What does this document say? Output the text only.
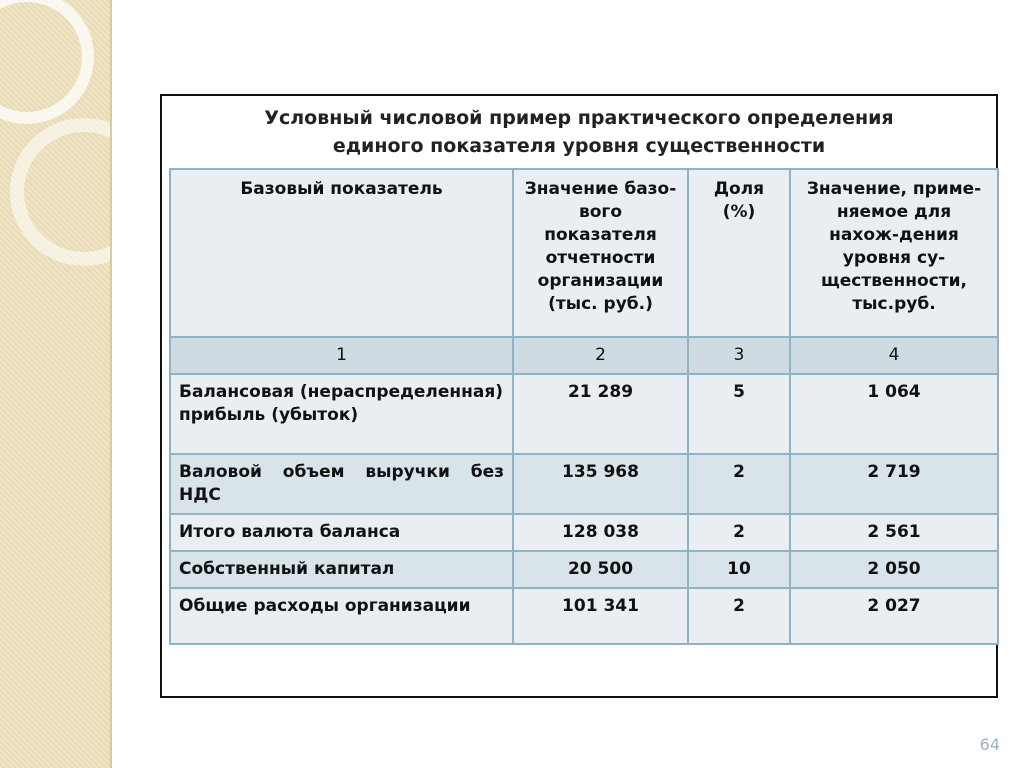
Условный числовой пример практического определения
единого показателя уровня существенности
Базовый показатель	Значение базо-вого показателя отчетности организации (тыс. руб.)	Доля (%)	Значение, приме-няемое для нахож-дения уровня су-щественности, тыс.руб.
1	2	3	4
Балансовая (нераспределенная) прибыль (убыток)	21 289	5	1 064
Валовой объем выручки без НДС	135 968	2	2 719
Итого валюта баланса	128 038	2	2 561
Собственный капитал	20 500	10	2 050
Общие расходы организации	101 341	2	2 027
64
